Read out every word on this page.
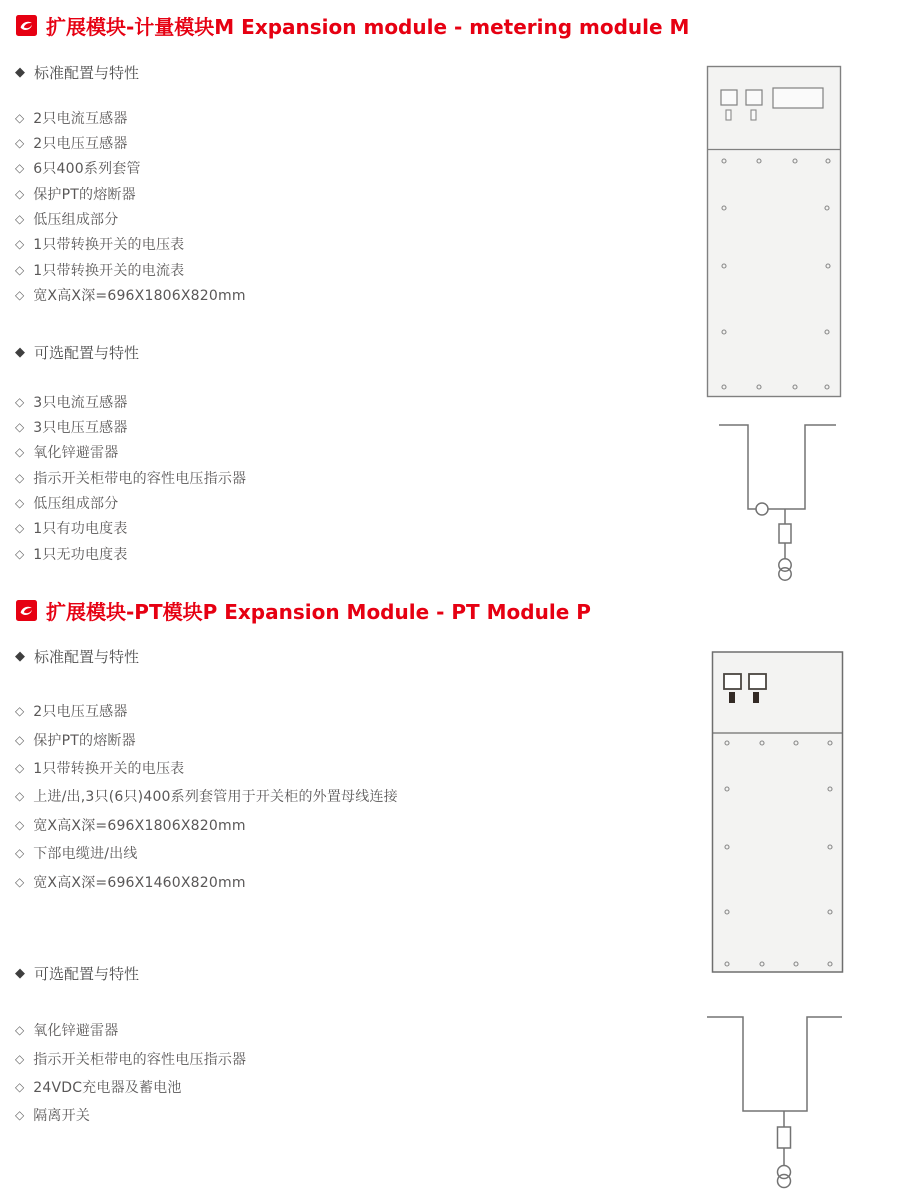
扩展模块-计量模块M Expansion module - metering module M
◆ 标准配置与特性
◇ 2只电流互感器
◇ 2只电压互感器
◇ 6只400系列套管
◇ 保护PT的熔断器
◇ 低压组成部分
◇ 1只带转换开关的电压表
◇ 1只带转换开关的电流表
◇ 宽X高X深=696X1806X820mm
◆ 可选配置与特性
◇ 3只电流互感器
◇ 3只电压互感器
◇ 氧化锌避雷器
◇ 指示开关柜带电的容性电压指示器
◇ 低压组成部分
◇ 1只有功电度表
◇ 1只无功电度表
扩展模块-PT模块P Expansion Module - PT Module P
◆ 标准配置与特性
◇ 2只电压互感器
◇ 保护PT的熔断器
◇ 1只带转换开关的电压表
◇ 上进/出,3只(6只)400系列套管用于开关柜的外置母线连接
◇ 宽X高X深=696X1806X820mm
◇ 下部电缆进/出线
◇ 宽X高X深=696X1460X820mm
◆ 可选配置与特性
◇ 氧化锌避雷器
◇ 指示开关柜带电的容性电压指示器
◇ 24VDC充电器及蓄电池
◇ 隔离开关
